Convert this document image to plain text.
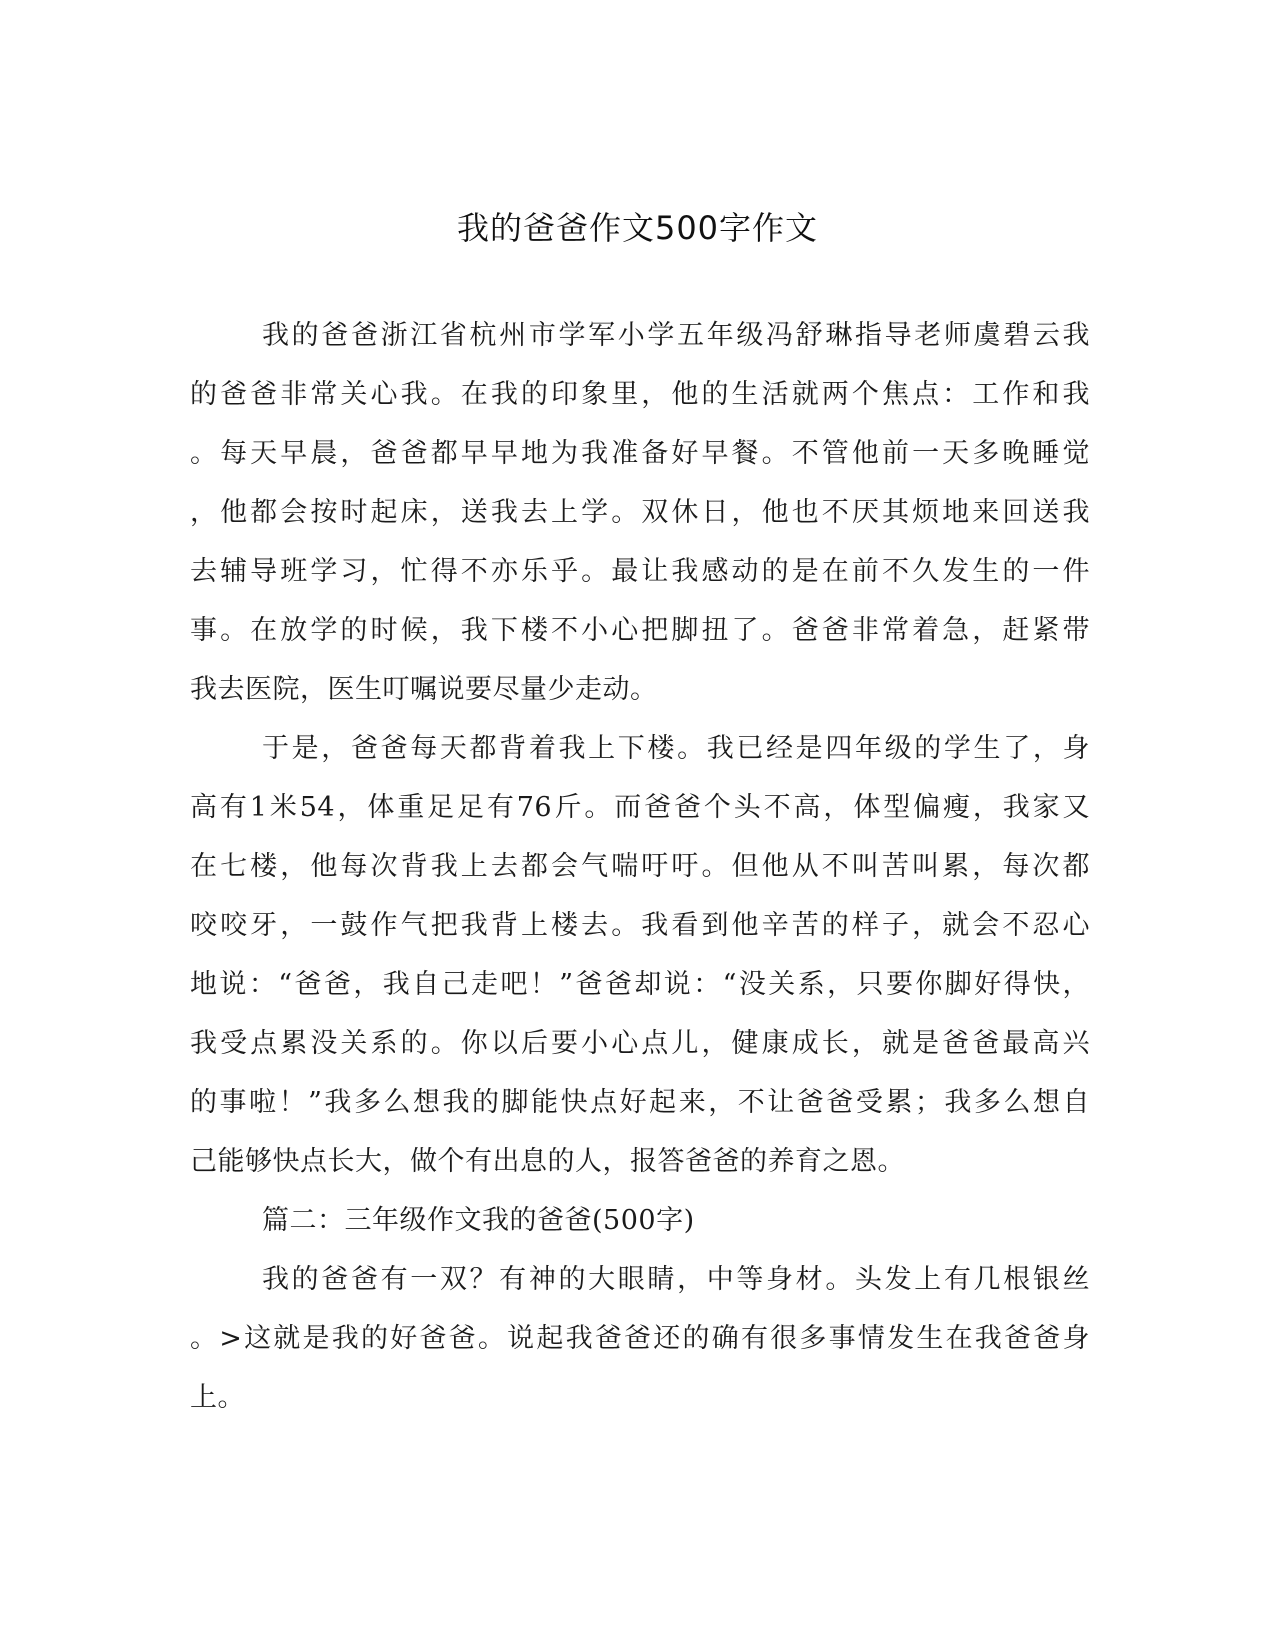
我的爸爸作文500字作文

我的爸爸浙江省杭州市学军小学五年级冯舒琳指导老师虞碧云我

的爸爸非常关心我。在我的印象里，他的生活就两个焦点：工作和我

。每天早晨，爸爸都早早地为我准备好早餐。不管他前一天多晚睡觉

，他都会按时起床，送我去上学。双休日，他也不厌其烦地来回送我

去辅导班学习，忙得不亦乐乎。最让我感动的是在前不久发生的一件

事。在放学的时候，我下楼不小心把脚扭了。爸爸非常着急，赶紧带

我去医院，医生叮嘱说要尽量少走动。

于是，爸爸每天都背着我上下楼。我已经是四年级的学生了，身

高有1米54，体重足足有76斤。而爸爸个头不高，体型偏瘦，我家又

在七楼，他每次背我上去都会气喘吁吁。但他从不叫苦叫累，每次都

咬咬牙，一鼓作气把我背上楼去。我看到他辛苦的样子，就会不忍心

地说：“爸爸，我自己走吧！”爸爸却说：“没关系，只要你脚好得快，

我受点累没关系的。你以后要小心点儿，健康成长，就是爸爸最高兴

的事啦！”我多么想我的脚能快点好起来，不让爸爸受累；我多么想自

己能够快点长大，做个有出息的人，报答爸爸的养育之恩。

篇二：三年级作文我的爸爸(500字)

我的爸爸有一双？有神的大眼睛，中等身材。头发上有几根银丝

。>这就是我的好爸爸。说起我爸爸还的确有很多事情发生在我爸爸身

上。
